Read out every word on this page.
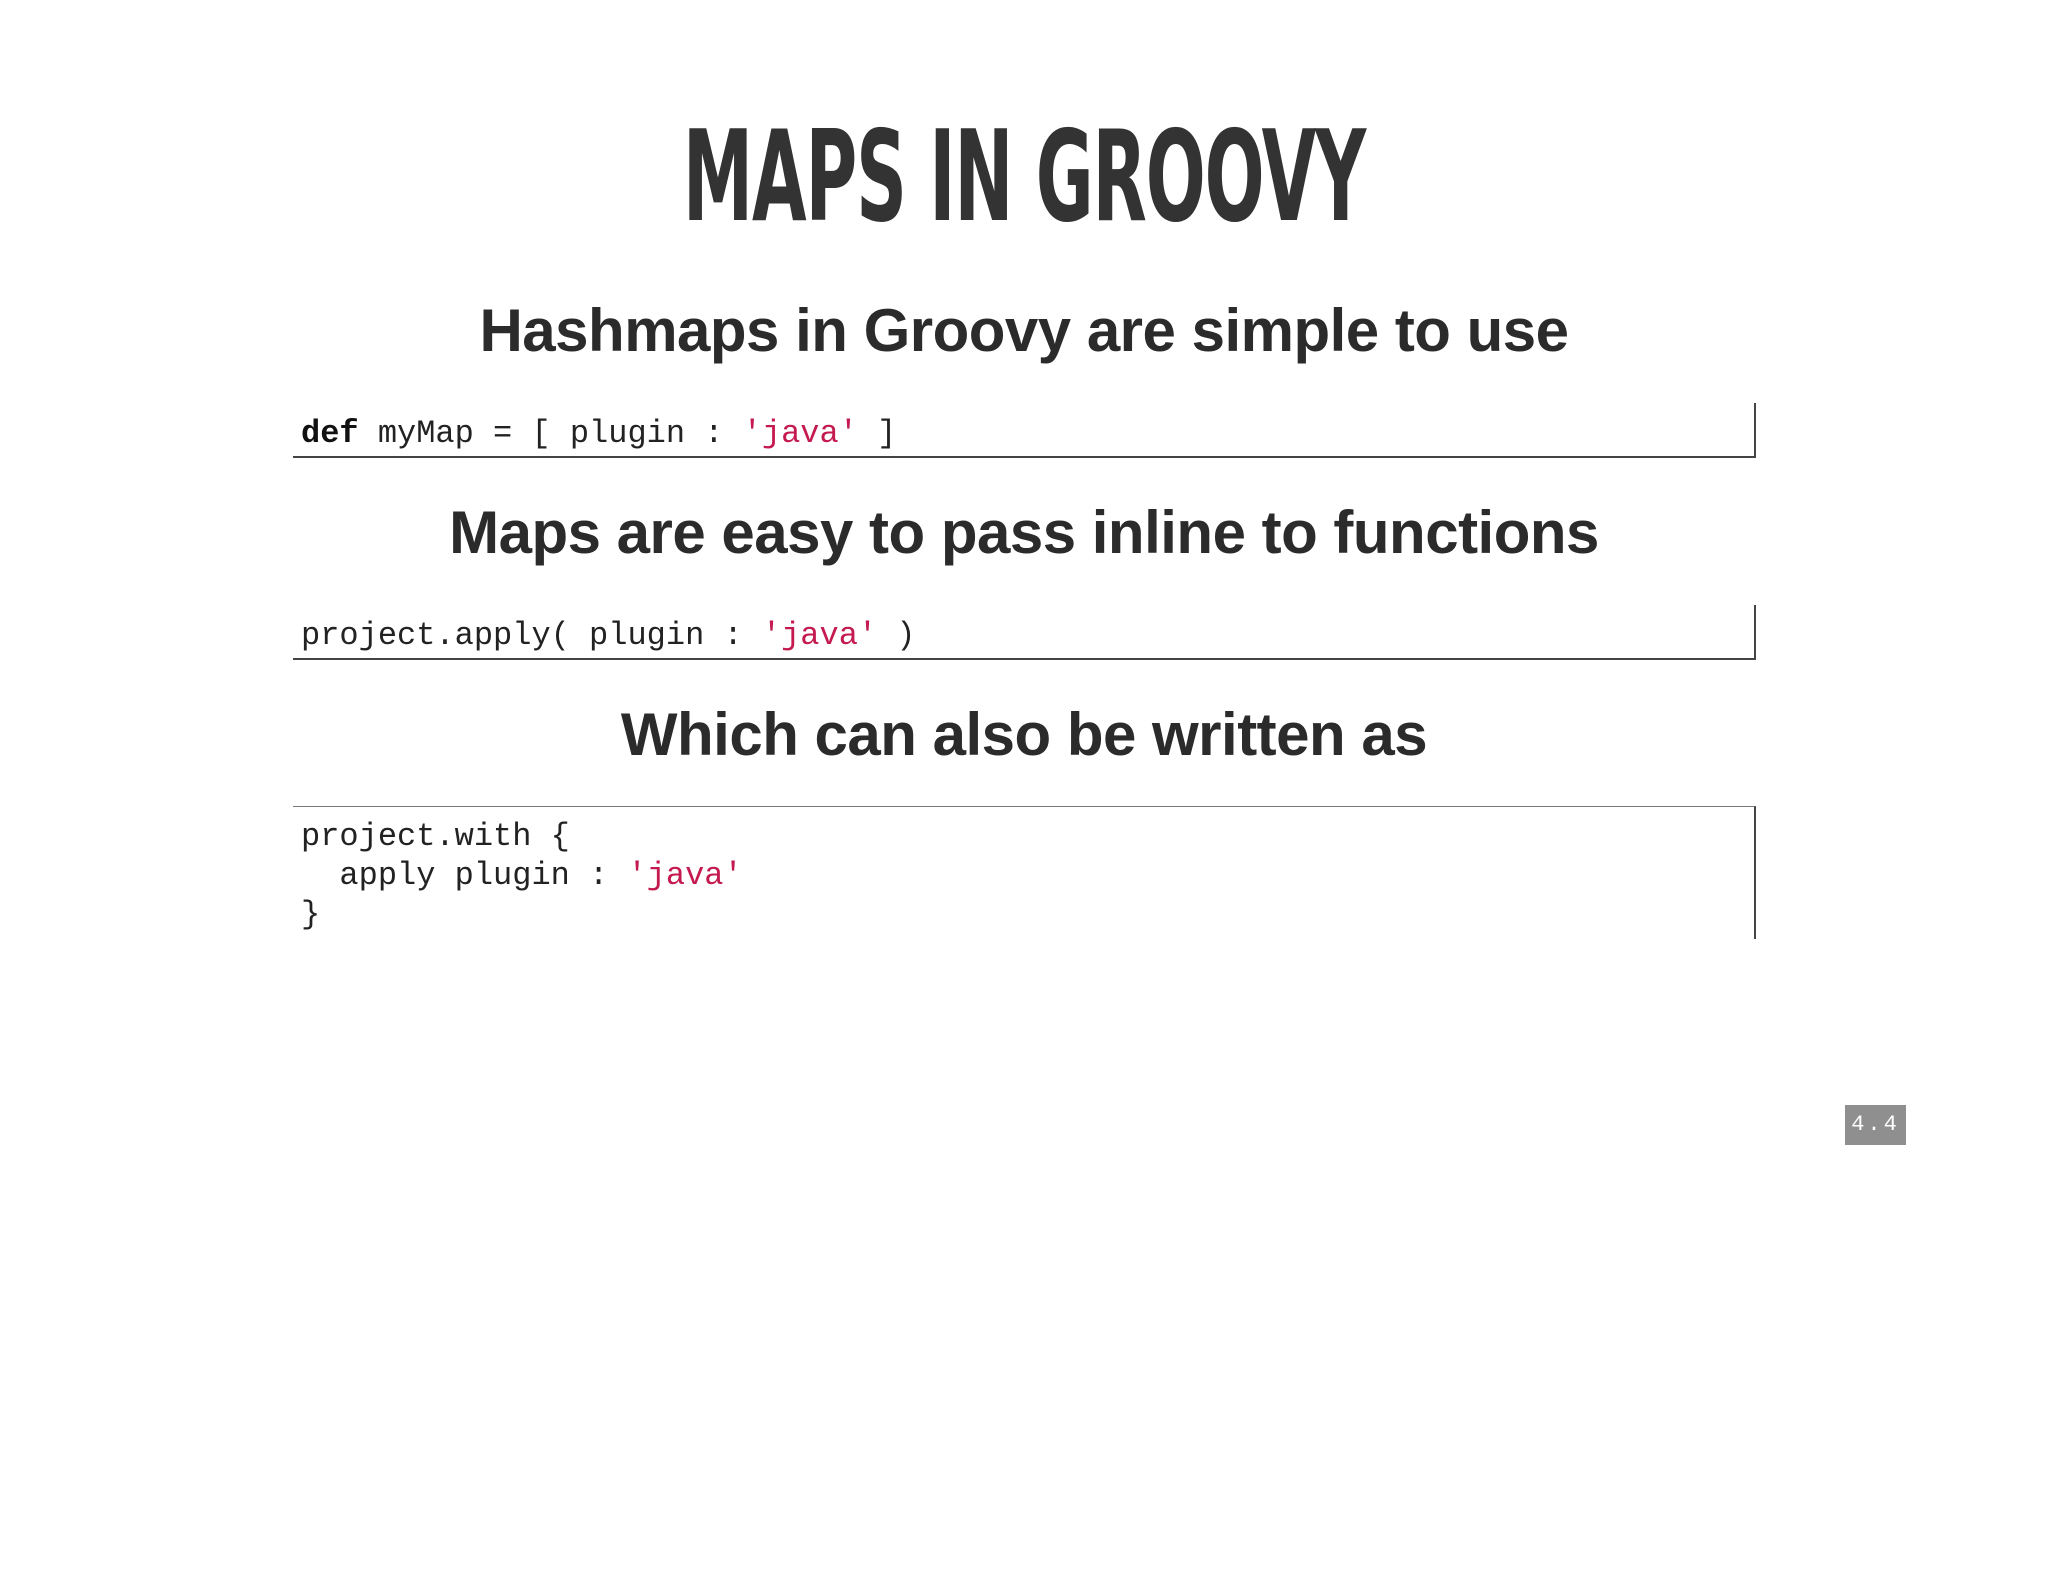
MAPS IN GROOVY
Hashmaps in Groovy are simple to use
def myMap = [ plugin : 'java' ]
Maps are easy to pass inline to functions
project.apply( plugin : 'java' )
Which can also be written as
project.with {
apply plugin : 'java'
}
4.4
